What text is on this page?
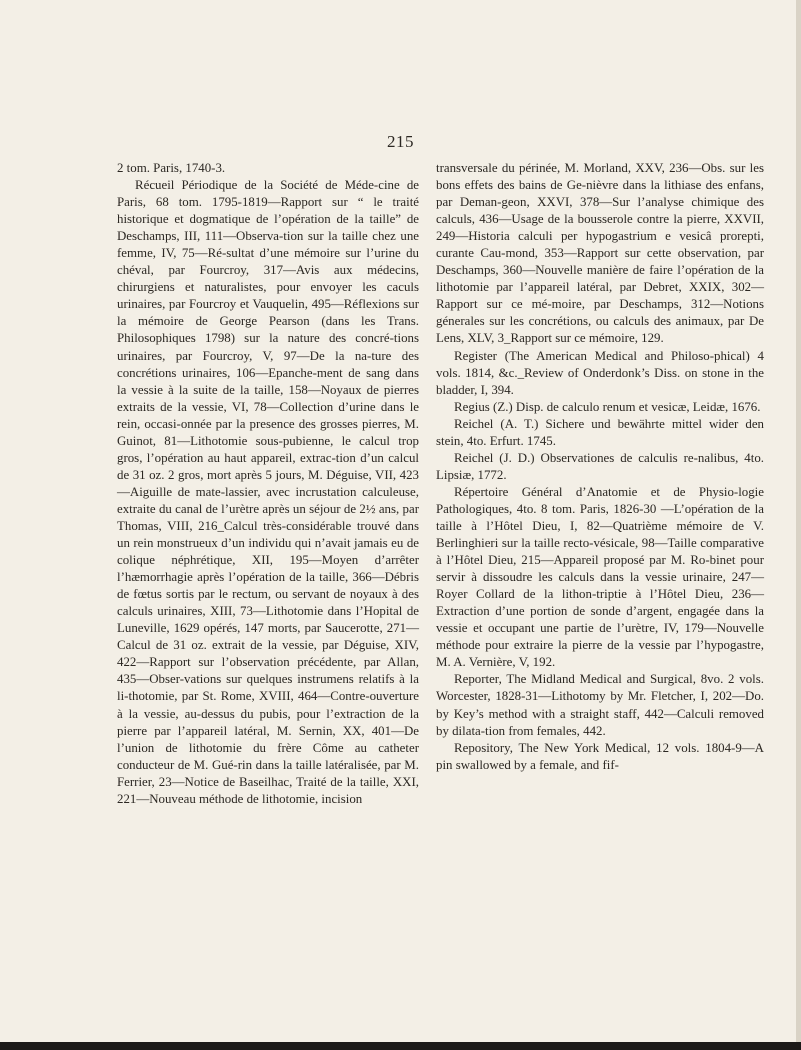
215

2 tom. Paris, 1740-3.

Récueil Périodique de la Société de Méde-cine de Paris, 68 tom. 1795-1819—Rapport sur “ le traité historique et dogmatique de l’opération de la taille” de Deschamps, III, 111—Observa-tion sur la taille chez une femme, IV, 75—Ré-sultat d’une mémoire sur l’urine du chéval, par Fourcroy, 317—Avis aux médecins, chirurgiens et naturalistes, pour envoyer les caculs urinaires, par Fourcroy et Vauquelin, 495—Réflexions sur la mémoire de George Pearson (dans les Trans. Philosophiques 1798) sur la nature des concré-tions urinaires, par Fourcroy, V, 97—De la na-ture des concrétions urinaires, 106—Epanche-ment de sang dans la vessie à la suite de la taille, 158—Noyaux de pierres extraits de la vessie, VI, 78—Collection d’urine dans le rein, occasi-onnée par la presence des grosses pierres, M. Guinot, 81—Lithotomie sous-pubienne, le calcul trop gros, l’opération au haut appareil, extrac-tion d’un calcul de 31 oz. 2 gros, mort après 5 jours, M. Déguise, VII, 423—Aiguille de mate-lassier, avec incrustation calculeuse, extraite du canal de l’urètre après un séjour de 2½ ans, par Thomas, VIII, 216_Calcul très-considérable trouvé dans un rein monstrueux d’un individu qui n’avait jamais eu de colique néphrétique, XII, 195—Moyen d’arrêter l’hæmorrhagie après l’opération de la taille, 366—Débris de fœtus sortis par le rectum, ou servant de noyaux à des calculs urinaires, XIII, 73—Lithotomie dans l’Hopital de Luneville, 1629 opérés, 147 morts, par Saucerotte, 271—Calcul de 31 oz. extrait de la vessie, par Déguise, XIV, 422—Rapport sur l’observation précédente, par Allan, 435—Obser-vations sur quelques instrumens relatifs à la li-thotomie, par St. Rome, XVIII, 464—Contre-ouverture à la vessie, au-dessus du pubis, pour l’extraction de la pierre par l’appareil latéral, M. Sernin, XX, 401—De l’union de lithotomie du frère Côme au catheter conducteur de M. Gué-rin dans la taille latéralisée, par M. Ferrier, 23—Notice de Baseilhac, Traité de la taille, XXI, 221—Nouveau méthode de lithotomie, incision

transversale du périnée, M. Morland, XXV, 236—Obs. sur les bons effets des bains de Ge-nièvre dans la lithiase des enfans, par Deman-geon, XXVI, 378—Sur l’analyse chimique des calculs, 436—Usage de la bousserole contre la pierre, XXVII, 249—Historia calculi per hypogastrium e vesicâ prorepti, curante Cau-mond, 353—Rapport sur cette observation, par Deschamps, 360—Nouvelle manière de faire l’opération de la lithotomie par l’appareil latéral, par Debret, XXIX, 302—Rapport sur ce mé-moire, par Deschamps, 312—Notions génerales sur les concrétions, ou calculs des animaux, par De Lens, XLV, 3_Rapport sur ce mémoire, 129.

Register (The American Medical and Philoso-phical) 4 vols. 1814, &c._Review of Onderdonk’s Diss. on stone in the bladder, I, 394.

Regius (Z.) Disp. de calculo renum et vesicæ, Leidæ, 1676.

Reichel (A. T.) Sichere und bewährte mittel wider den stein, 4to. Erfurt. 1745.

Reichel (J. D.) Observationes de calculis re-nalibus, 4to. Lipsiæ, 1772.

Répertoire Général d’Anatomie et de Physio-logie Pathologiques, 4to. 8 tom. Paris, 1826-30 —L’opération de la taille à l’Hôtel Dieu, I, 82—Quatrième mémoire de V. Berlinghieri sur la taille recto-vésicale, 98—Taille comparative à l’Hôtel Dieu, 215—Appareil proposé par M. Ro-binet pour servir à dissoudre les calculs dans la vessie urinaire, 247—Royer Collard de la lithon-triptie à l’Hôtel Dieu, 236—Extraction d’une portion de sonde d’argent, engagée dans la vessie et occupant une partie de l’urètre, IV, 179—Nouvelle méthode pour extraire la pierre de la vessie par l’hypogastre, M. A. Vernière, V, 192.

Reporter, The Midland Medical and Surgical, 8vo. 2 vols. Worcester, 1828-31—Lithotomy by Mr. Fletcher, I, 202—Do. by Key’s method with a straight staff, 442—Calculi removed by dilata-tion from females, 442.

Repository, The New York Medical, 12 vols. 1804-9—A pin swallowed by a female, and fif-
